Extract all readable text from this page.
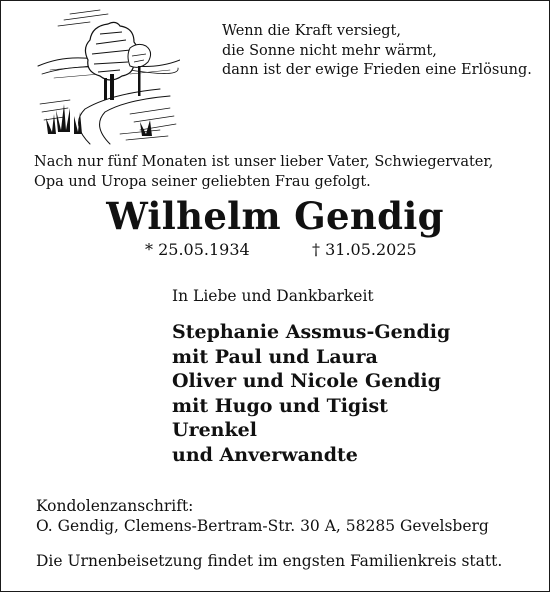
Wenn die Kraft versiegt,

die Sonne nicht mehr wärmt,

dann ist der ewige Frieden eine Erlösung.

Nach nur fünf Monaten ist unser lieber Vater, Schwiegervater,

Opa und Uropa seiner geliebten Frau gefolgt.

Wilhelm Gendig

* 25.05.1934	† 31.05.2025

In Liebe und Dankbarkeit

Stephanie Assmus-Gendig
mit Paul und Laura
Oliver und Nicole Gendig
mit Hugo und Tigist
Urenkel
und Anverwandte

Kondolenzanschrift:

O. Gendig, Clemens-Bertram-Str. 30 A, 58285 Gevelsberg

Die Urnenbeisetzung findet im engsten Familienkreis statt.
